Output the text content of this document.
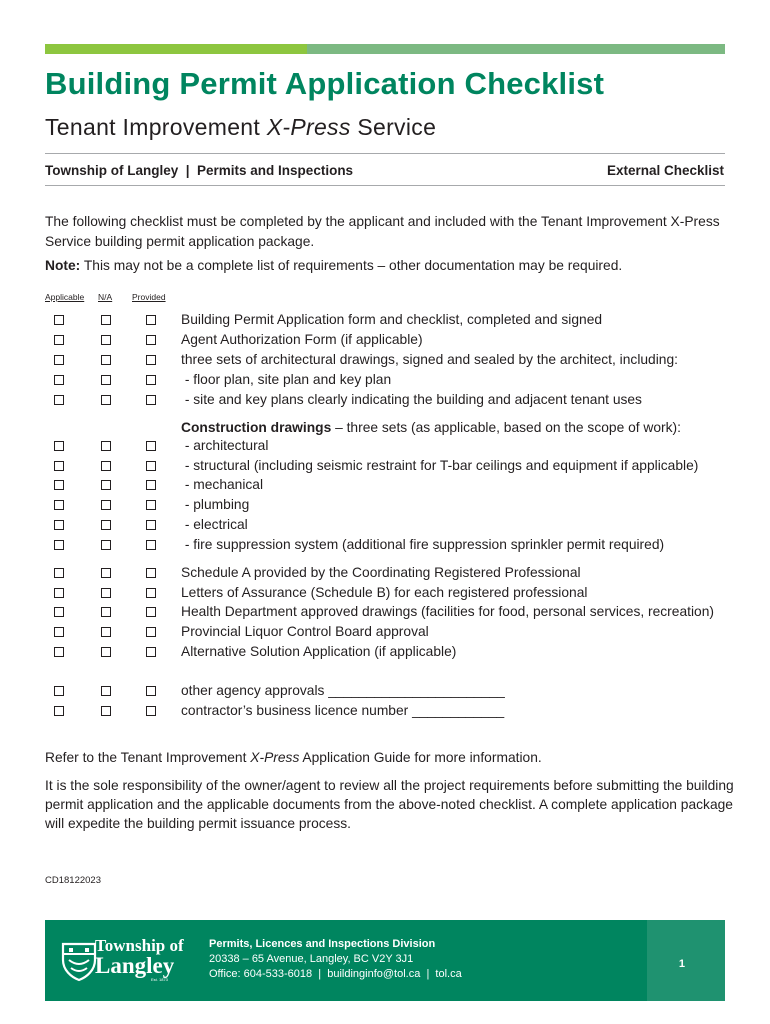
Building Permit Application Checklist
Tenant Improvement X-Press Service
Township of Langley  |  Permits and Inspections	External Checklist

The following checklist must be completed by the applicant and included with the Tenant Improvement X-Press Service building permit application package.

Note: This may not be a complete list of requirements – other documentation may be required.

Applicable N/A Provided
Building Permit Application form and checklist, completed and signed
Agent Authorization Form (if applicable)
three sets of architectural drawings, signed and sealed by the architect, including:
- floor plan, site plan and key plan
- site and key plans clearly indicating the building and adjacent tenant uses
- architectural
- structural (including seismic restraint for T-bar ceilings and equipment if applicable)
- mechanical
- plumbing
- electrical
- fire suppression system (additional fire suppression sprinkler permit required)
Schedule A provided by the Coordinating Registered Professional
Letters of Assurance (Schedule B) for each registered professional
Health Department approved drawings (facilities for food, personal services, recreation)
Provincial Liquor Control Board approval
Alternative Solution Application (if applicable)
other agency approvals _______________________
contractor’s business licence number ____________
Construction drawings – three sets (as applicable, based on the scope of work):

Refer to the Tenant Improvement X-Press Application Guide for more information.

It is the sole responsibility of the owner/agent to review all the project requirements before submitting the building permit application and the applicable documents from the above-noted checklist. A complete application package will expedite the building permit issuance process.

CD18122023
Township of
Langley
Est. 1873
Permits, Licences and Inspections Division
20338 – 65 Avenue, Langley, BC V2Y 3J1
Office: 604-533-6018  |  buildinginfo@tol.ca  |  tol.ca
1
